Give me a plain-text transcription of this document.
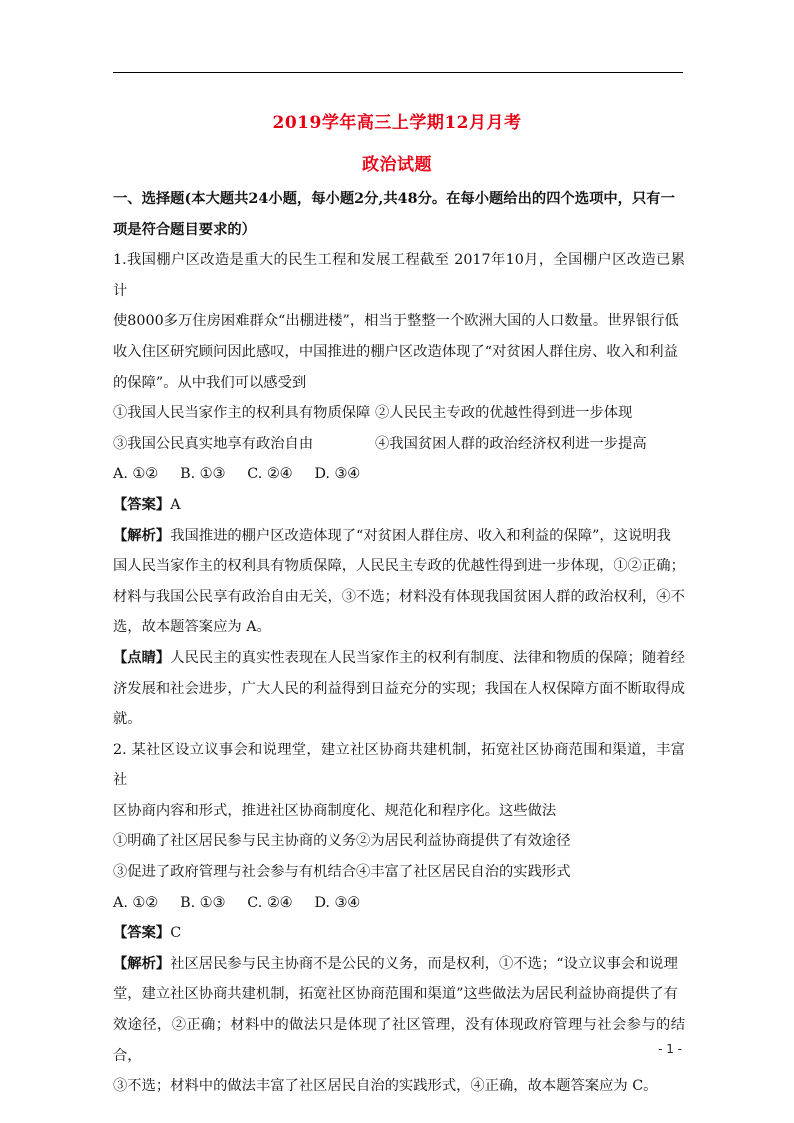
2019学年高三上学期12月月考
政治试题

一、选择题(本大题共24小题，每小题2分,共48分。在每小题给出的四个选项中，只有一

项是符合题目要求的）

1.我国棚户区改造是重大的民生工程和发展工程截至 2017年10月，全国棚户区改造已累 计

使8000多万住房困难群众“出棚进楼”，相当于整整一个欧洲大国的人口数量。世界银行低

收入住区研究顾问因此感叹，中国推进的棚户区改造体现了“对贫困人群住房、收入和利益

的保障”。从中我们可以感受到

①我国人民当家作主的权利具有物质保障 ②人民民主专政的优越性得到进一步体现
③我国公民真实地享有政治自由	④我国贫困人群的政治经济权利进一步提高
A. ①② B. ①③ C. ②④ D. ③④

【答案】A

【解析】我国推进的棚户区改造体现了“对贫困人群住房、收入和利益的保障”，这说明我

国人民当家作主的权利具有物质保障，人民民主专政的优越性得到进一步体现，①②正确；

材料与我国公民享有政治自由无关，③不选；材料没有体现我国贫困人群的政治权利，④不

选，故本题答案应为 A。

【点睛】人民民主的真实性表现在人民当家作主的权利有制度、法律和物质的保障；随着经

济发展和社会进步，广大人民的利益得到日益充分的实现；我国在人权保障方面不断取得成

就。

2. 某社区设立议事会和说理堂，建立社区协商共建机制，拓宽社区协商范围和渠道，丰富社

区协商内容和形式，推进社区协商制度化、规范化和程序化。这些做法

①明确了社区居民参与民主协商的义务②为居民利益协商提供了有效途径

③促进了政府管理与社会参与有机结合④丰富了社区居民自治的实践形式

A. ①② B. ①③ C. ②④ D. ③④

【答案】C

【解析】社区居民参与民主协商不是公民的义务，而是权利，①不选；“设立议事会和说理

堂，建立社区协商共建机制，拓宽社区协商范围和渠道”这些做法为居民利益协商提供了有

效途径，②正确；材料中的做法只是体现了社区管理，没有体现政府管理与社会参与的结合，

③不选；材料中的做法丰富了社区居民自治的实践形式，④正确，故本题答案应为 C。

- 1 -
